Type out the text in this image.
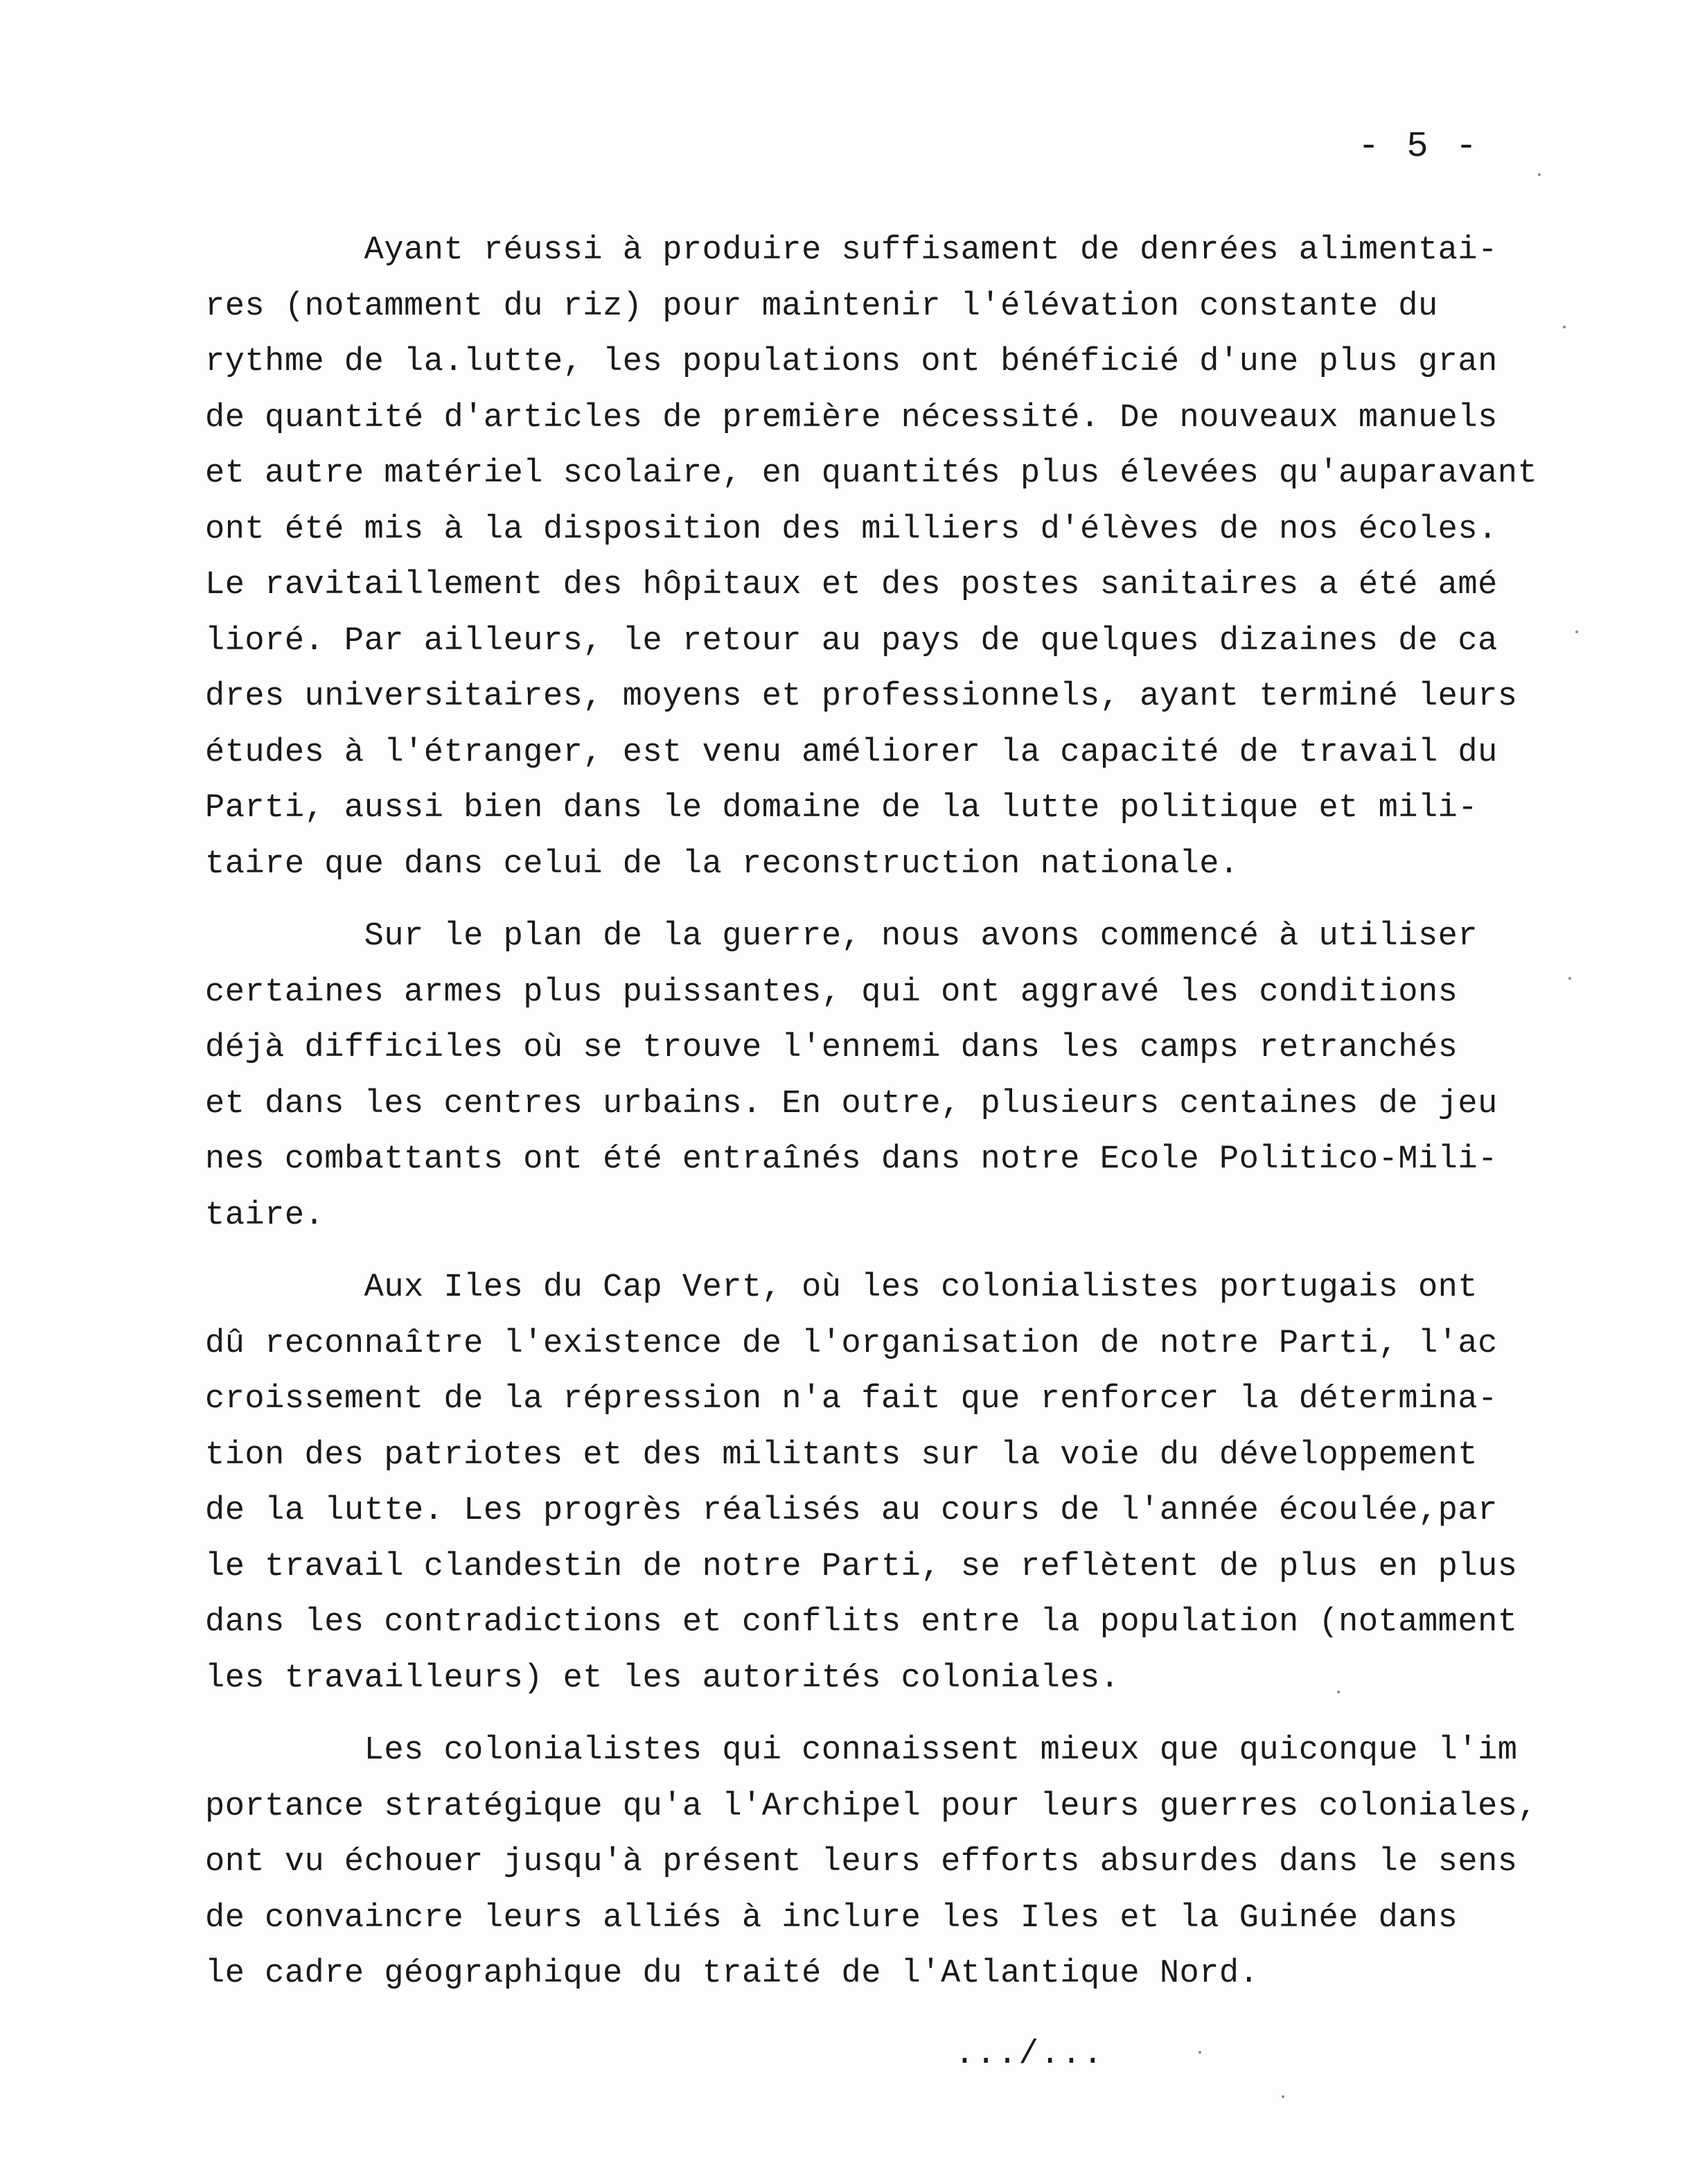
- 5 -
Ayant réussi à produire suffisament de denrées alimentai-
res (notamment du riz) pour maintenir l'élévation constante du
rythme de la.lutte, les populations ont bénéficié d'une plus gran
de quantité d'articles de première nécessité. De nouveaux manuels
et autre matériel scolaire, en quantités plus élevées qu'auparavant
ont été mis à la disposition des milliers d'élèves de nos écoles.
Le ravitaillement des hôpitaux et des postes sanitaires a été amé
lioré. Par ailleurs, le retour au pays de quelques dizaines de ca
dres universitaires, moyens et professionnels, ayant terminé leurs
études à l'étranger, est venu améliorer la capacité de travail du
Parti, aussi bien dans le domaine de la lutte politique et mili-
taire que dans celui de la reconstruction nationale.
Sur le plan de la guerre, nous avons commencé à utiliser
certaines armes plus puissantes, qui ont aggravé les conditions
déjà difficiles où se trouve l'ennemi dans les camps retranchés
et dans les centres urbains. En outre, plusieurs centaines de jeu
nes combattants ont été entraînés dans notre Ecole Politico-Mili-
taire.
Aux Iles du Cap Vert, où les colonialistes portugais ont
dû reconnaître l'existence de l'organisation de notre Parti, l'ac
croissement de la répression n'a fait que renforcer la détermina-
tion des patriotes et des militants sur la voie du développement
de la lutte. Les progrès réalisés au cours de l'année écoulée,par
le travail clandestin de notre Parti, se reflètent de plus en plus
dans les contradictions et conflits entre la population (notamment
les travailleurs) et les autorités coloniales.
Les colonialistes qui connaissent mieux que quiconque l'im
portance stratégique qu'a l'Archipel pour leurs guerres coloniales,
ont vu échouer jusqu'à présent leurs efforts absurdes dans le sens
de convaincre leurs alliés à inclure les Iles et la Guinée dans
le cadre géographique du traité de l'Atlantique Nord.
.../...
